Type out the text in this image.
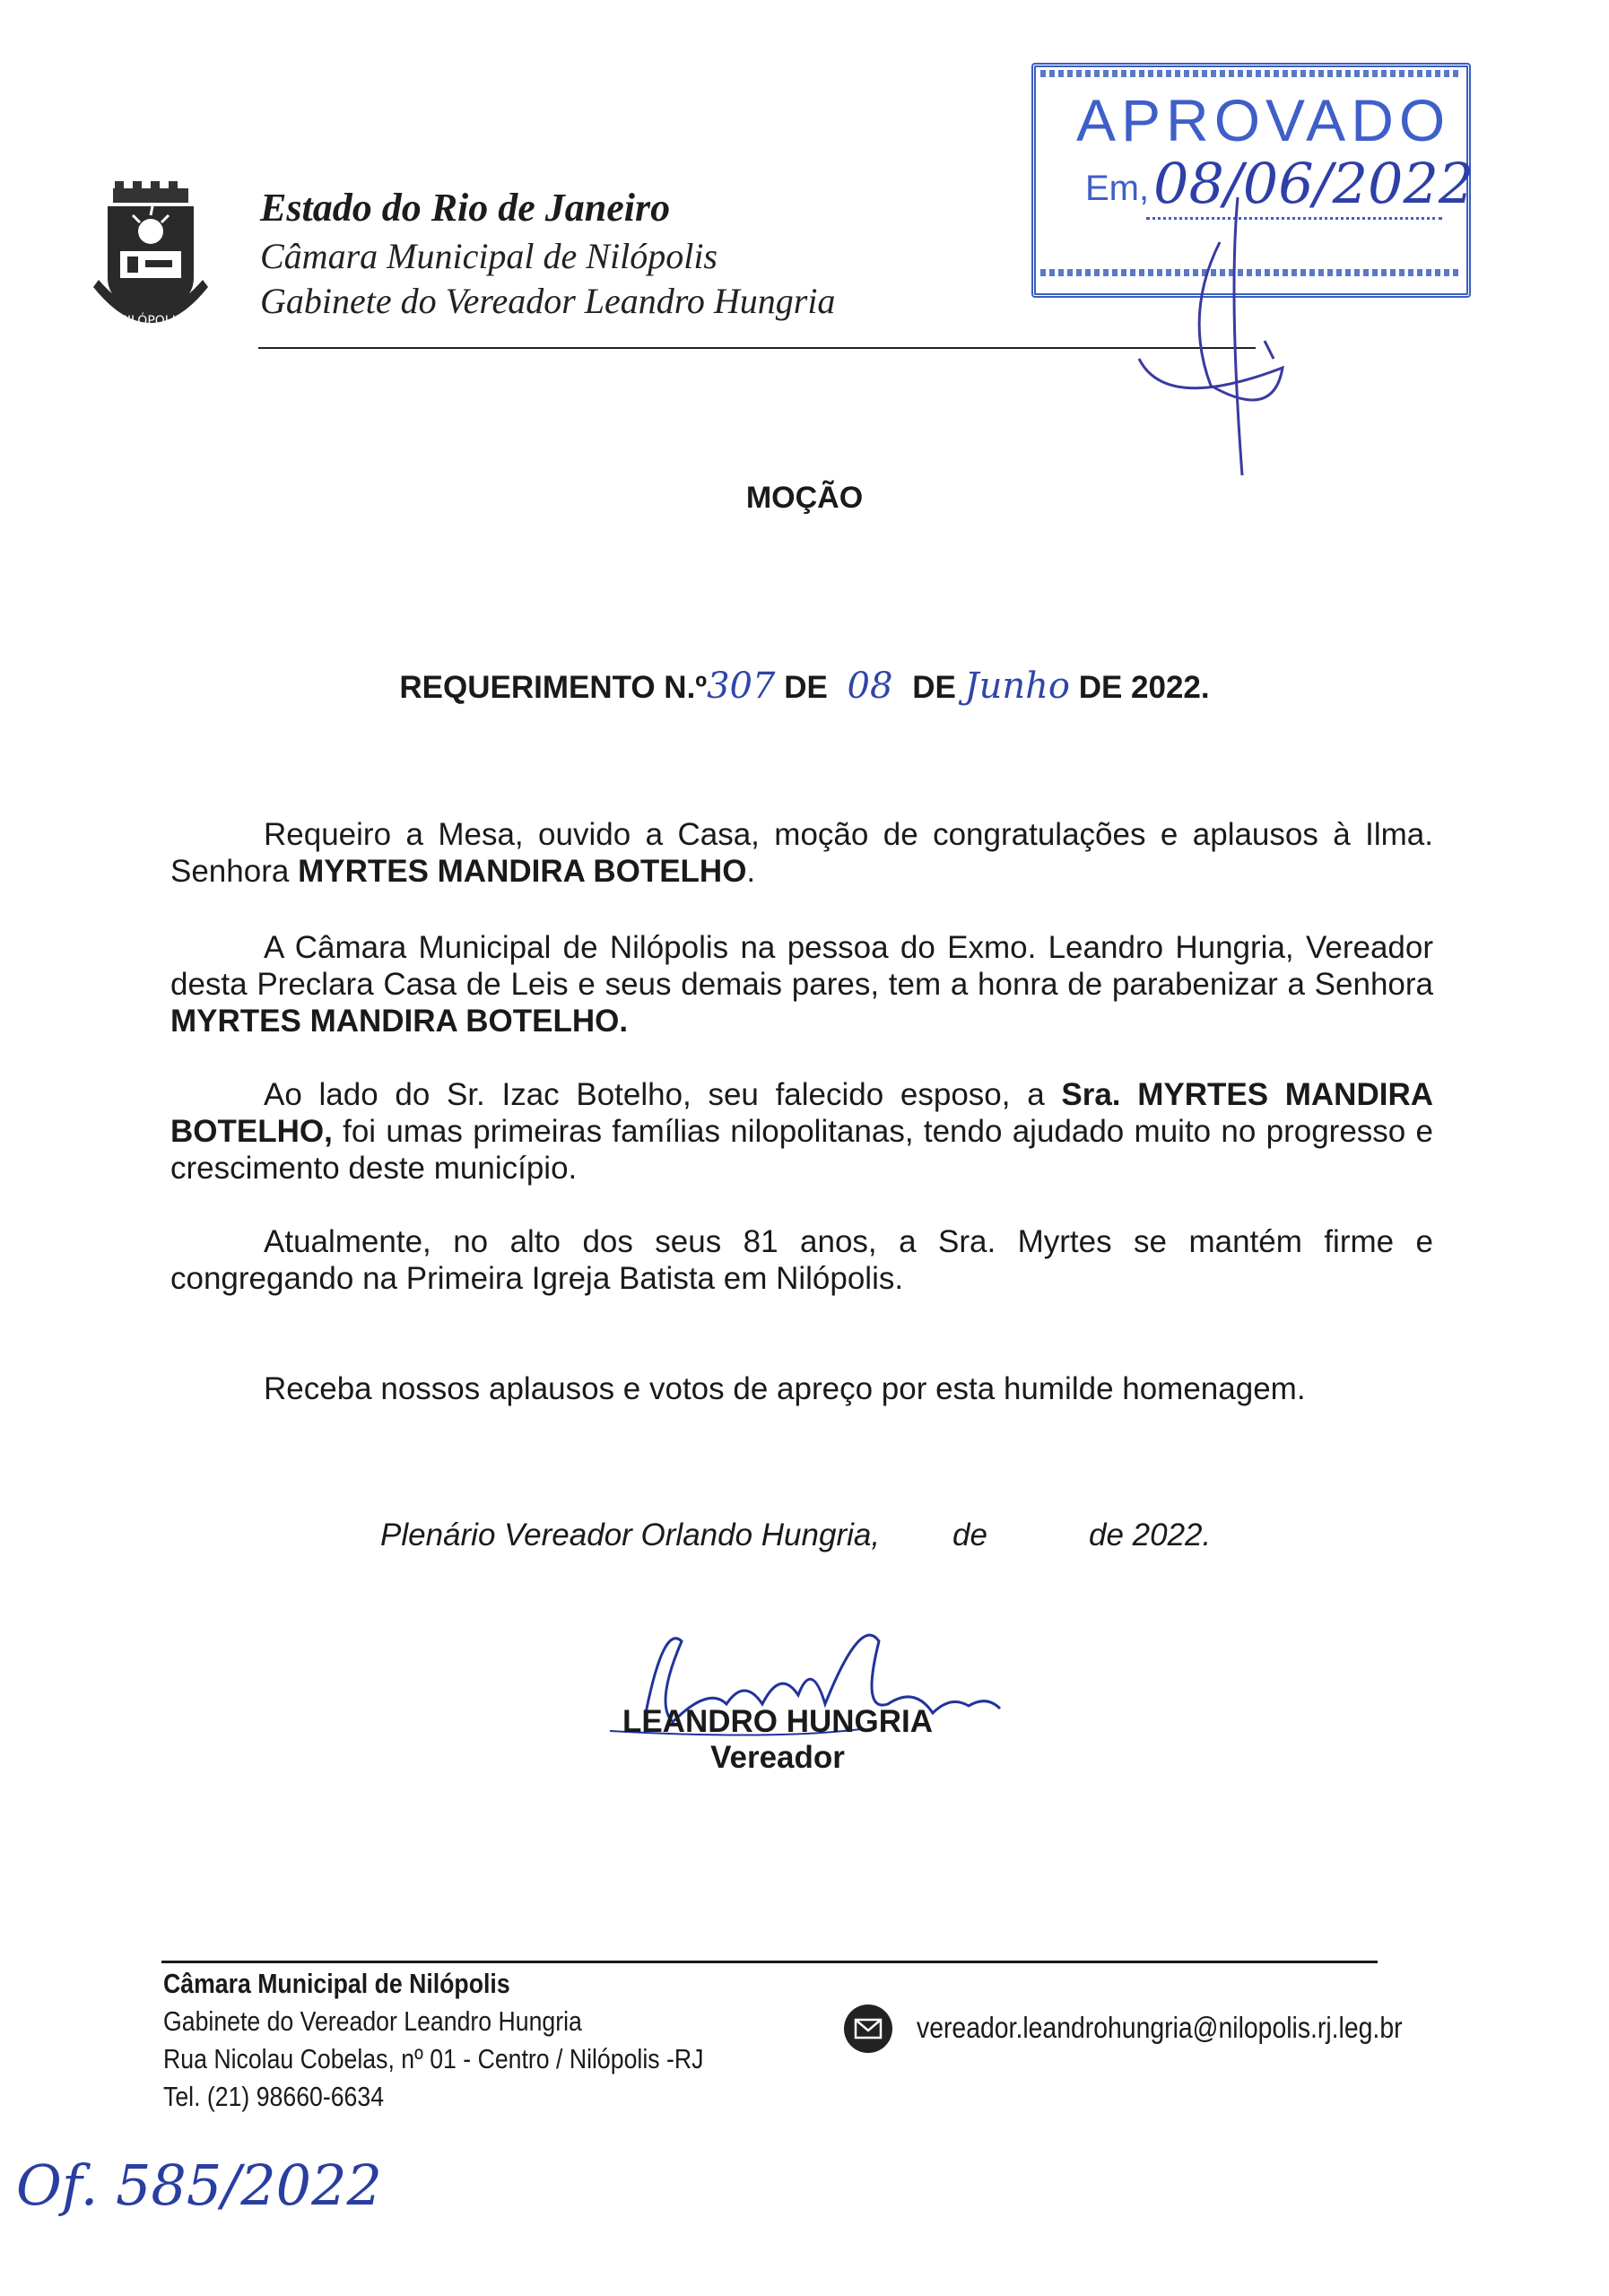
NILÓPOLIS
Estado do Rio de Janeiro
Câmara Municipal de Nilópolis
Gabinete do Vereador Leandro Hungria
APROVADO
Em, 08/06/2022
MOÇÃO
REQUERIMENTO N.º307 DE 08 DE Junho DE 2022.

Requeiro a Mesa, ouvido a Casa, moção de congratulações e aplausos à Ilma. Senhora MYRTES MANDIRA BOTELHO.

A Câmara Municipal de Nilópolis na pessoa do Exmo. Leandro Hungria, Vereador desta Preclara Casa de Leis e seus demais pares, tem a honra de parabenizar a Senhora MYRTES MANDIRA BOTELHO.

Ao lado do Sr. Izac Botelho, seu falecido esposo, a Sra. MYRTES MANDIRA BOTELHO, foi umas primeiras famílias nilopolitanas, tendo ajudado muito no progresso e crescimento deste município.

Atualmente, no alto dos seus 81 anos, a Sra. Myrtes se mantém firme e congregando na Primeira Igreja Batista em Nilópolis.

Receba nossos aplausos e votos de apreço por esta humilde homenagem.

Plenário Vereador Orlando Hungria, de	de 2022.
LEANDRO HUNGRIA
Vereador
Câmara Municipal de Nilópolis
Gabinete do Vereador Leandro Hungria
Rua Nicolau Cobelas, nº 01 - Centro / Nilópolis -RJ
Tel. (21) 98660-6634
vereador.leandrohungria@nilopolis.rj.leg.br
Of. 585/2022
